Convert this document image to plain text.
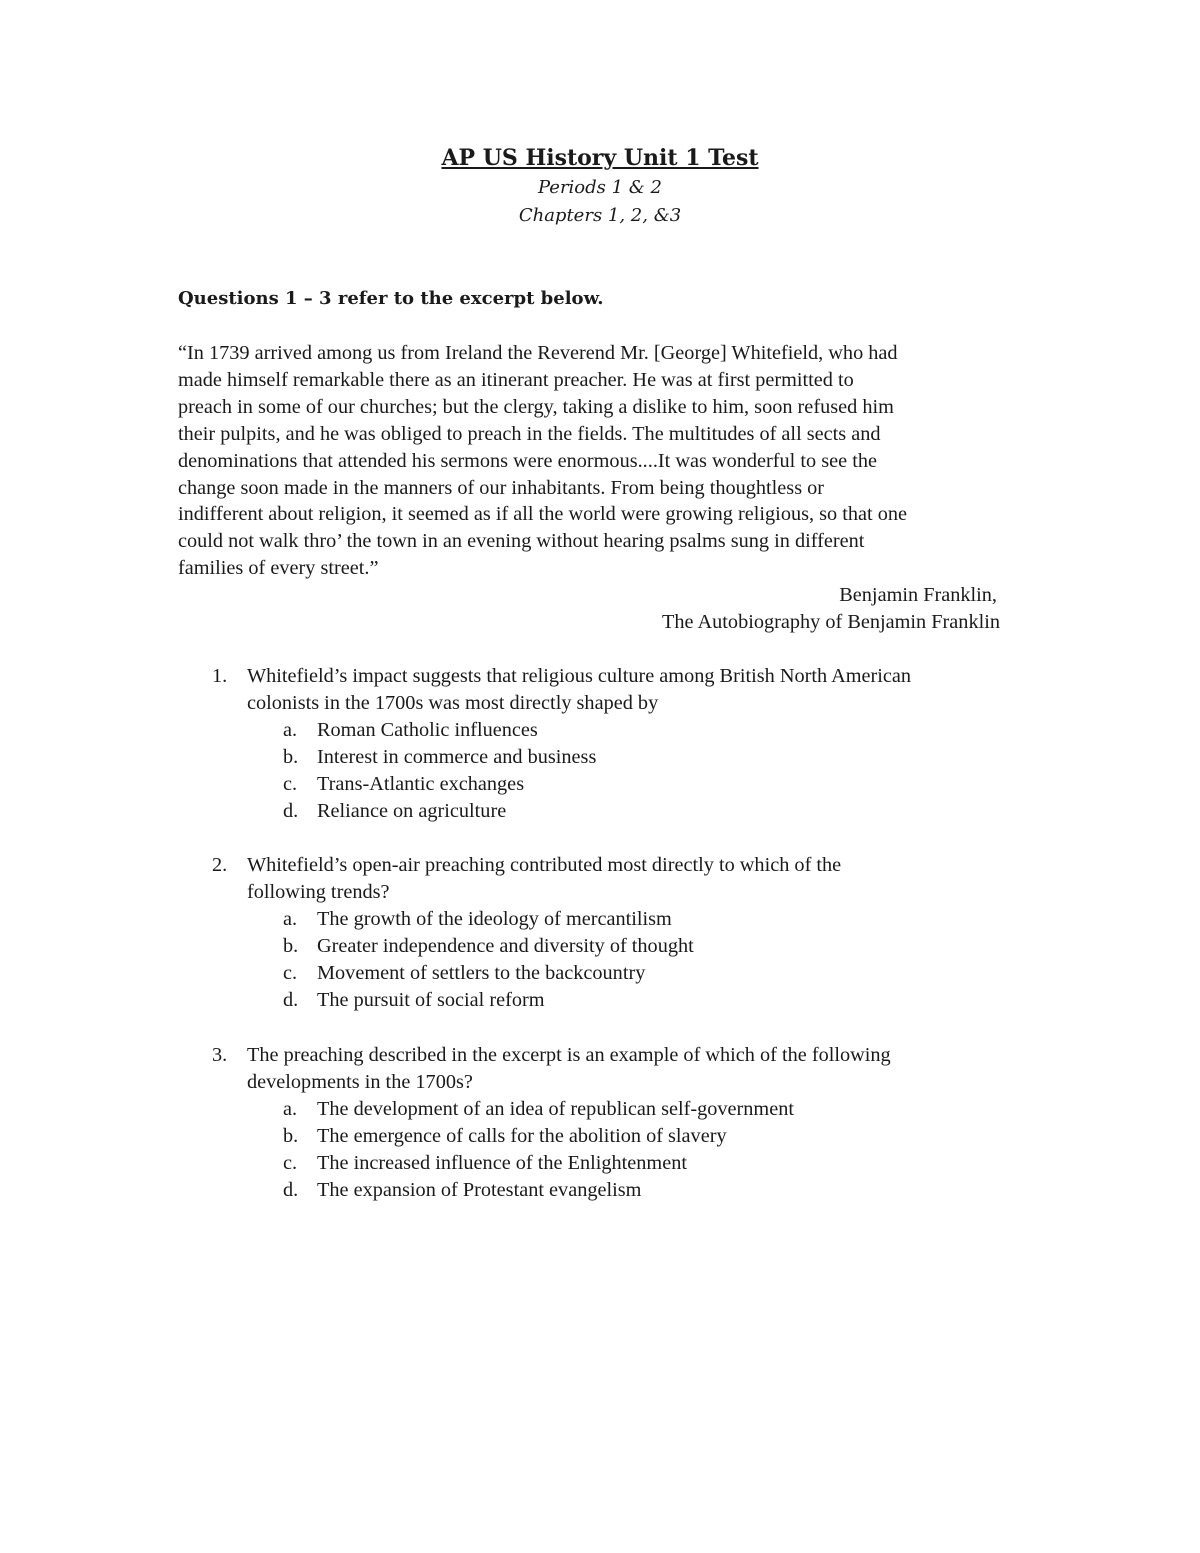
AP US History Unit 1 Test

Periods 1 & 2

Chapters 1, 2, &3

Questions 1 – 3 refer to the excerpt below.

“In 1739 arrived among us from Ireland the Reverend Mr. [George] Whitefield, who had
made himself remarkable there as an itinerant preacher. He was at first permitted to
preach in some of our churches; but the clergy, taking a dislike to him, soon refused him
their pulpits, and he was obliged to preach in the fields. The multitudes of all sects and
denominations that attended his sermons were enormous....It was wonderful to see the
change soon made in the manners of our inhabitants. From being thoughtless or
indifferent about religion, it seemed as if all the world were growing religious, so that one
could not walk thro’ the town in an evening without hearing psalms sung in different
families of every street.”
Benjamin Franklin,
The Autobiography of Benjamin Franklin
1. Whitefield’s impact suggests that religious culture among British North American
colonists in the 1700s was most directly shaped by
a. Roman Catholic influences
b. Interest in commerce and business
c. Trans-Atlantic exchanges
d. Reliance on agriculture
2. Whitefield’s open-air preaching contributed most directly to which of the
following trends?
a. The growth of the ideology of mercantilism
b. Greater independence and diversity of thought
c. Movement of settlers to the backcountry
d. The pursuit of social reform
3. The preaching described in the excerpt is an example of which of the following
developments in the 1700s?
a. The development of an idea of republican self-government
b. The emergence of calls for the abolition of slavery
c. The increased influence of the Enlightenment
d. The expansion of Protestant evangelism
